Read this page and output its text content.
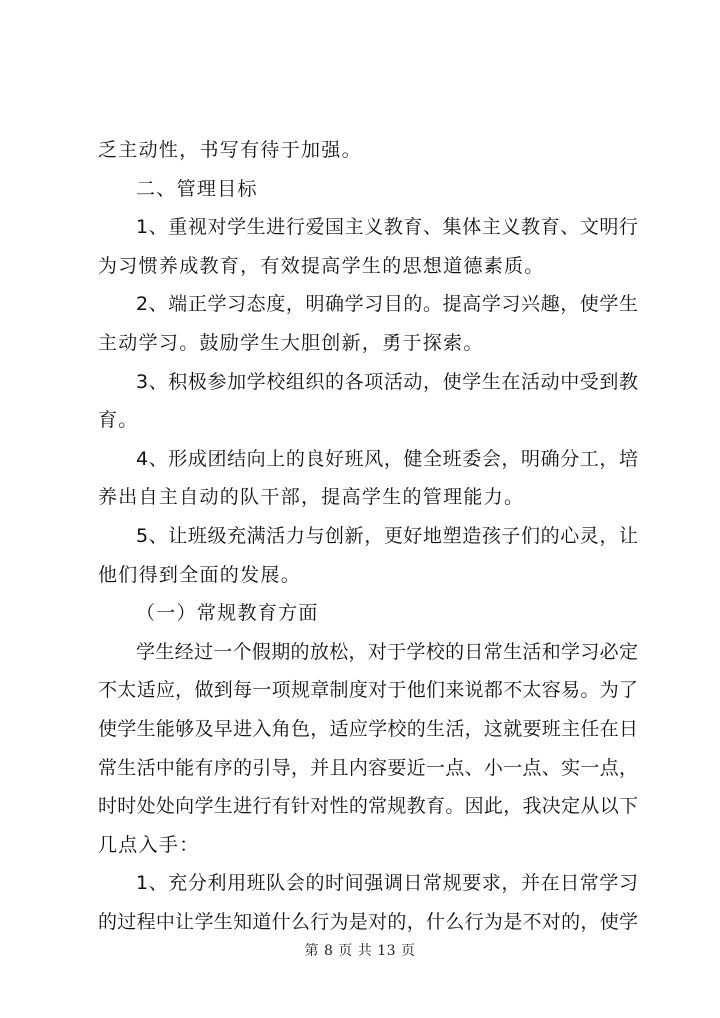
乏主动性，书写有待于加强。
二、管理目标
1、重视对学生进行爱国主义教育、集体主义教育、文明行
为习惯养成教育，有效提高学生的思想道德素质。
2、端正学习态度，明确学习目的。提高学习兴趣，使学生
主动学习。鼓励学生大胆创新，勇于探索。
3、积极参加学校组织的各项活动，使学生在活动中受到教
育。
4、形成团结向上的良好班风，健全班委会，明确分工，培
养出自主自动的队干部，提高学生的管理能力。
5、让班级充满活力与创新，更好地塑造孩子们的心灵，让
他们得到全面的发展。
（一）常规教育方面
学生经过一个假期的放松，对于学校的日常生活和学习必定
不太适应，做到每一项规章制度对于他们来说都不太容易。为了
使学生能够及早进入角色，适应学校的生活，这就要班主任在日
常生活中能有序的引导，并且内容要近一点、小一点、实一点，
时时处处向学生进行有针对性的常规教育。因此，我决定从以下
几点入手：
1、充分利用班队会的时间强调日常规要求，并在日常学习
的过程中让学生知道什么行为是对的，什么行为是不对的，使学
第 8 页 共 13 页
